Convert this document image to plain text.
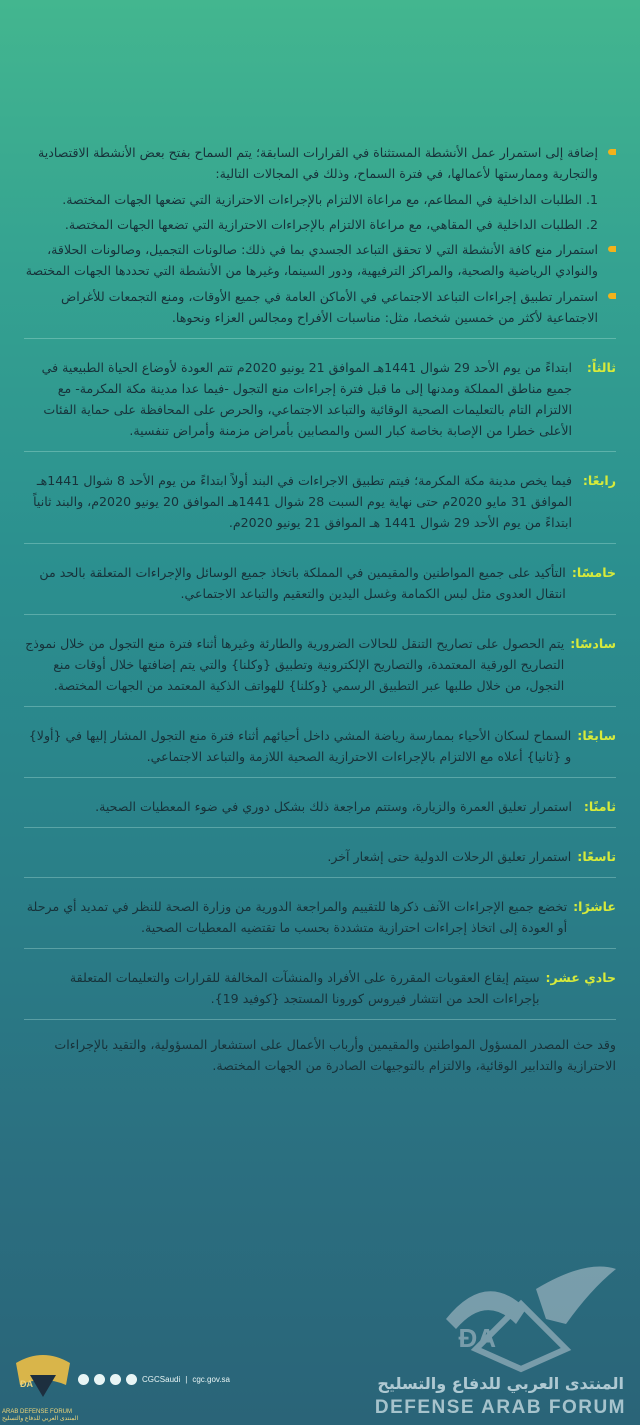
إضافة إلى استمرار عمل الأنشطة المستثناة في القرارات السابقة؛ يتم السماح بفتح بعض الأنشطة الاقتصادية والتجارية وممارستها لأعمالها، في فترة السماح، وذلك في المجالات التالية:

1. الطلبات الداخلية في المطاعم، مع مراعاة الالتزام بالإجراءات الاحترازية التي تضعها الجهات المختصة.

2. الطلبات الداخلية في المقاهي، مع مراعاة الالتزام بالإجراءات الاحترازية التي تضعها الجهات المختصة.

استمرار منع كافة الأنشطة التي لا تحقق التباعد الجسدي بما في ذلك: صالونات التجميل، وصالونات الحلاقة، والنوادي الرياضية والصحية، والمراكز الترفيهية، ودور السينما، وغيرها من الأنشطة التي تحددها الجهات المختصة

استمرار تطبيق إجراءات التباعد الاجتماعي في الأماكن العامة في جميع الأوقات، ومنع التجمعات للأغراض الاجتماعية لأكثر من خمسين شخصا، مثل: مناسبات الأفراح ومجالس العزاء ونحوها.

ثالثاً:

ابتداءً من يوم الأحد 29 شوال 1441هـ الموافق 21 يونيو 2020م تتم العودة لأوضاع الحياة الطبيعية في جميع مناطق المملكة ومدنها إلى ما قبل فترة إجراءات منع التجول -فيما عدا مدينة مكة المكرمة- مع الالتزام التام بالتعليمات الصحية الوقائية والتباعد الاجتماعي، والحرص على المحافظة على حماية الفئات الأعلى خطرا من الإصابة بخاصة كبار السن والمصابين بأمراض مزمنة وأمراض تنفسية.

رابعًا:

فيما يخص مدينة مكة المكرمة؛ فيتم تطبيق الاجراءات في البند أولاً ابتداءً من يوم الأحد 8 شوال 1441هـ الموافق 31 مايو 2020م حتى نهاية يوم السبت 28 شوال 1441هـ الموافق 20 يونيو 2020م، والبند ثانياً ابتداءً من يوم الأحد 29 شوال 1441 هـ الموافق 21 يونيو 2020م.

خامسًا:

التأكيد على جميع المواطنين والمقيمين في المملكة باتخاذ جميع الوسائل والإجراءات المتعلقة بالحد من انتقال العدوى مثل لبس الكمامة وغسل اليدين والتعقيم والتباعد الاجتماعي.

سادسًا:

يتم الحصول على تصاريح التنقل للحالات الضرورية والطارئة وغيرها أثناء فترة منع التجول من خلال نموذج التصاريح الورقية المعتمدة، والتصاريح الإلكترونية وتطبيق {وكلنا} والتي يتم إضافتها خلال أوقات منع التجول، من خلال طلبها عبر التطبيق الرسمي {وكلنا} للهواتف الذكية المعتمد من الجهات المختصة.

سابعًا:

السماح لسكان الأحياء بممارسة رياضة المشي داخل أحيائهم أثناء فترة منع التجول المشار إليها في {أولا} و {ثانيا} أعلاه مع الالتزام بالإجراءات الاحترازية الصحية اللازمة والتباعد الاجتماعي.

ثامنًا:

استمرار تعليق العمرة والزيارة، وستتم مراجعة ذلك بشكل دوري في ضوء المعطيات الصحية.

تاسعًا:

استمرار تعليق الرحلات الدولية حتى إشعار آخر.

عاشرًا:

تخضع جميع الإجراءات الآنف ذكرها للتقييم والمراجعة الدورية من وزارة الصحة للنظر في تمديد أي مرحلة أو العودة إلى اتخاذ إجراءات احترازية متشددة بحسب ما تقتضيه المعطيات الصحية.

حادي عشر:

سيتم إيقاع العقوبات المقررة على الأفراد والمنشآت المخالفة للقرارات والتعليمات المتعلقة بإجراءات الحد من انتشار فيروس كورونا المستجد {كوفيد 19}.

وقد حث المصدر المسؤول المواطنين والمقيمين وأرباب الأعمال على استشعار المسؤولية، والتقيد بالإجراءات الاحترازية والتدابير الوقائية، والالتزام بالتوجيهات الصادرة من الجهات المختصة.

ÐA
المنتدى العربي للدفاع والتسليح
DEFENSE ARAB FORUM
ÐA
ARAB DEFENSE FORUM
المنتدى العربي للدفاع والتسليح
CGCSaudi | cgc.gov.sa
